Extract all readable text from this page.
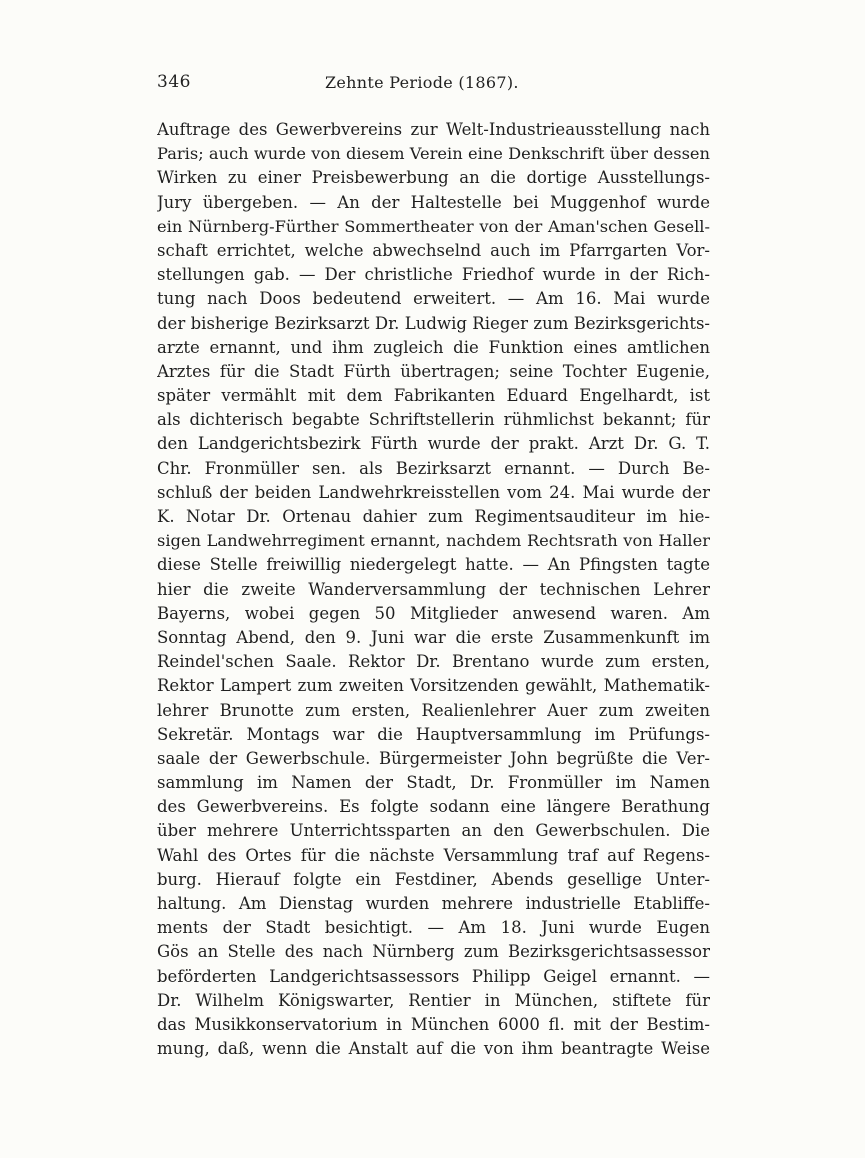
346	Zehnte Periode (1867).
Auftrage des Gewerbvereins zur Welt-Industrieausstellung nach
Paris; auch wurde von diesem Verein eine Denkschrift über dessen
Wirken zu einer Preisbewerbung an die dortige Ausstellungs-
Jury übergeben. — An der Haltestelle bei Muggenhof wurde
ein Nürnberg-Fürther Sommertheater von der Aman'schen Gesell-
schaft errichtet, welche abwechselnd auch im Pfarrgarten Vor-
stellungen gab. — Der christliche Friedhof wurde in der Rich-
tung nach Doos bedeutend erweitert. — Am 16. Mai wurde
der bisherige Bezirksarzt Dr. Ludwig Rieger zum Bezirksgerichts-
arzte ernannt, und ihm zugleich die Funktion eines amtlichen
Arztes für die Stadt Fürth übertragen; seine Tochter Eugenie,
später vermählt mit dem Fabrikanten Eduard Engelhardt, ist
als dichterisch begabte Schriftstellerin rühmlichst bekannt; für
den Landgerichtsbezirk Fürth wurde der prakt. Arzt Dr. G. T.
Chr. Fronmüller sen. als Bezirksarzt ernannt. — Durch Be-
schluß der beiden Landwehrkreisstellen vom 24. Mai wurde der
K. Notar Dr. Ortenau dahier zum Regimentsauditeur im hie-
sigen Landwehrregiment ernannt, nachdem Rechtsrath von Haller
diese Stelle freiwillig niedergelegt hatte. — An Pfingsten tagte
hier die zweite Wanderversammlung der technischen Lehrer
Bayerns, wobei gegen 50 Mitglieder anwesend waren. Am
Sonntag Abend, den 9. Juni war die erste Zusammenkunft im
Reindel'schen Saale. Rektor Dr. Brentano wurde zum ersten,
Rektor Lampert zum zweiten Vorsitzenden gewählt, Mathematik-
lehrer Brunotte zum ersten, Realienlehrer Auer zum zweiten
Sekretär. Montags war die Hauptversammlung im Prüfungs-
saale der Gewerbschule. Bürgermeister John begrüßte die Ver-
sammlung im Namen der Stadt, Dr. Fronmüller im Namen
des Gewerbvereins. Es folgte sodann eine längere Berathung
über mehrere Unterrichtssparten an den Gewerbschulen. Die
Wahl des Ortes für die nächste Versammlung traf auf Regens-
burg. Hierauf folgte ein Festdiner, Abends gesellige Unter-
haltung. Am Dienstag wurden mehrere industrielle Etabliffe-
ments der Stadt besichtigt. — Am 18. Juni wurde Eugen
Gös an Stelle des nach Nürnberg zum Bezirksgerichtsassessor
beförderten Landgerichtsassessors Philipp Geigel ernannt. —
Dr. Wilhelm Königswarter, Rentier in München, stiftete für
das Musikkonservatorium in München 6000 fl. mit der Bestim-
mung, daß, wenn die Anstalt auf die von ihm beantragte Weise
